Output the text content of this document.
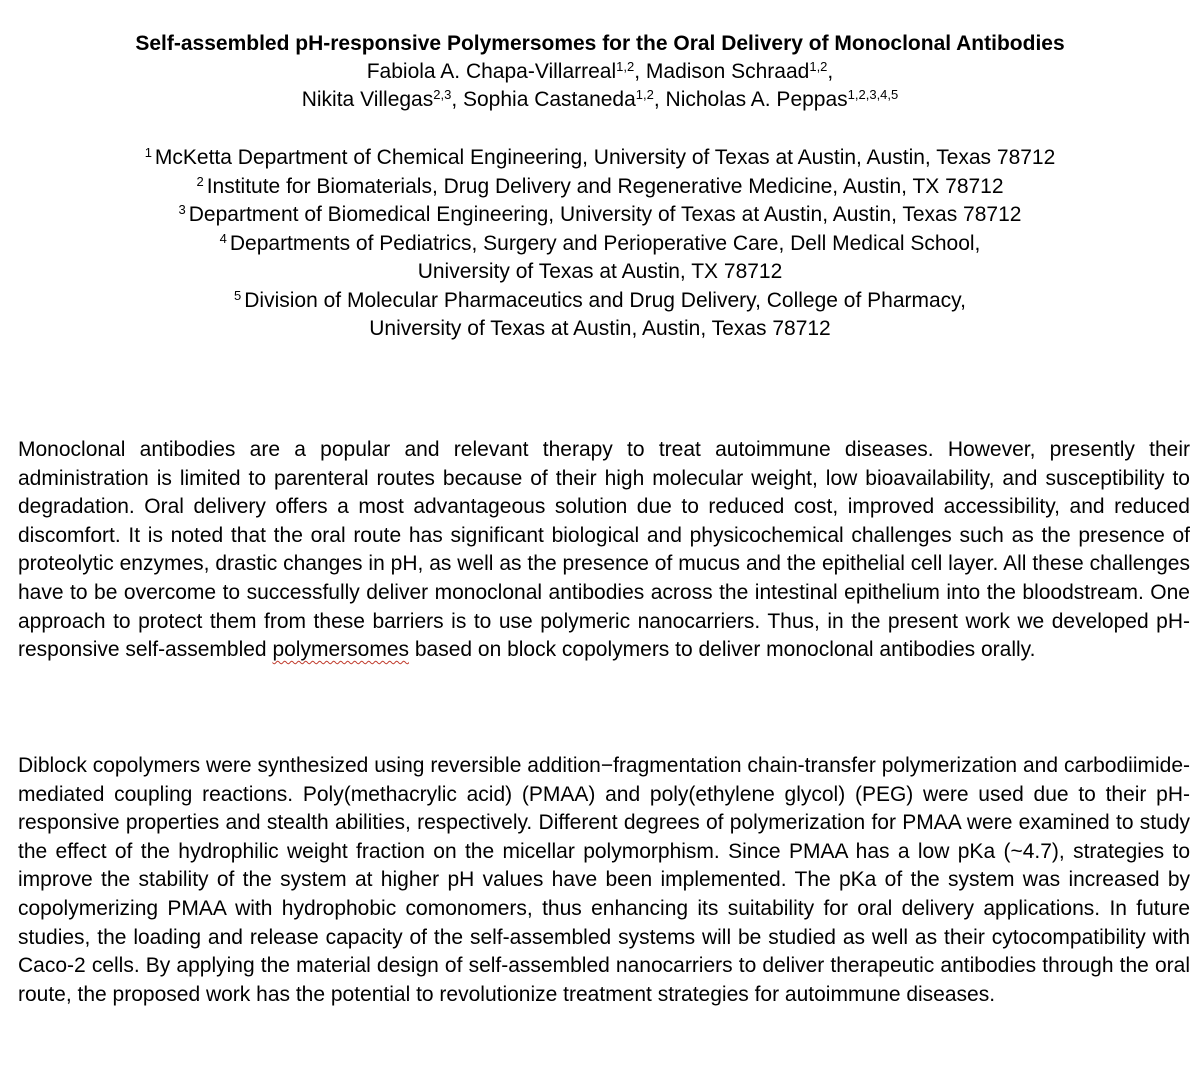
Self-assembled pH-responsive Polymersomes for the Oral Delivery of Monoclonal Antibodies

Fabiola A. Chapa-Villarreal$^{1,2}$, Madison Schraad$^{1,2}$,

Nikita Villegas$^{2,3}$, Sophia Castaneda$^{1,2}$, Nicholas A. Peppas$^{1,2,3,4,5}$

$^1$ McKetta Department of Chemical Engineering, University of Texas at Austin, Austin, Texas 78712

$^2$ Institute for Biomaterials, Drug Delivery and Regenerative Medicine, Austin, TX 78712

$^3$ Department of Biomedical Engineering, University of Texas at Austin, Austin, Texas 78712

$^4$ Departments of Pediatrics, Surgery and Perioperative Care, Dell Medical School,

University of Texas at Austin, TX 78712

$^5$ Division of Molecular Pharmaceutics and Drug Delivery, College of Pharmacy,

University of Texas at Austin, Austin, Texas 78712

Monoclonal antibodies are a popular and relevant therapy to treat autoimmune diseases. However, presently their administration is limited to parenteral routes because of their high molecular weight, low bioavailability, and susceptibility to degradation. Oral delivery offers a most advantageous solution due to reduced cost, improved accessibility, and reduced discomfort. It is noted that the oral route has significant biological and physicochemical challenges such as the presence of proteolytic enzymes, drastic changes in pH, as well as the presence of mucus and the epithelial cell layer. All these challenges have to be overcome to successfully deliver monoclonal antibodies across the intestinal epithelium into the bloodstream. One approach to protect them from these barriers is to use polymeric nanocarriers. Thus, in the present work we developed pH-responsive self-assembled polymersomes based on block copolymers to deliver monoclonal antibodies orally.

Diblock copolymers were synthesized using reversible addition−fragmentation chain-transfer polymerization and carbodiimide-mediated coupling reactions. Poly(methacrylic acid) (PMAA) and poly(ethylene glycol) (PEG) were used due to their pH-responsive properties and stealth abilities, respectively. Different degrees of polymerization for PMAA were examined to study the effect of the hydrophilic weight fraction on the micellar polymorphism. Since PMAA has a low pKa (~4.7), strategies to improve the stability of the system at higher pH values have been implemented. The pKa of the system was increased by copolymerizing PMAA with hydrophobic comonomers, thus enhancing its suitability for oral delivery applications. In future studies, the loading and release capacity of the self-assembled systems will be studied as well as their cytocompatibility with Caco-2 cells. By applying the material design of self-assembled nanocarriers to deliver therapeutic antibodies through the oral route, the proposed work has the potential to revolutionize treatment strategies for autoimmune diseases.
